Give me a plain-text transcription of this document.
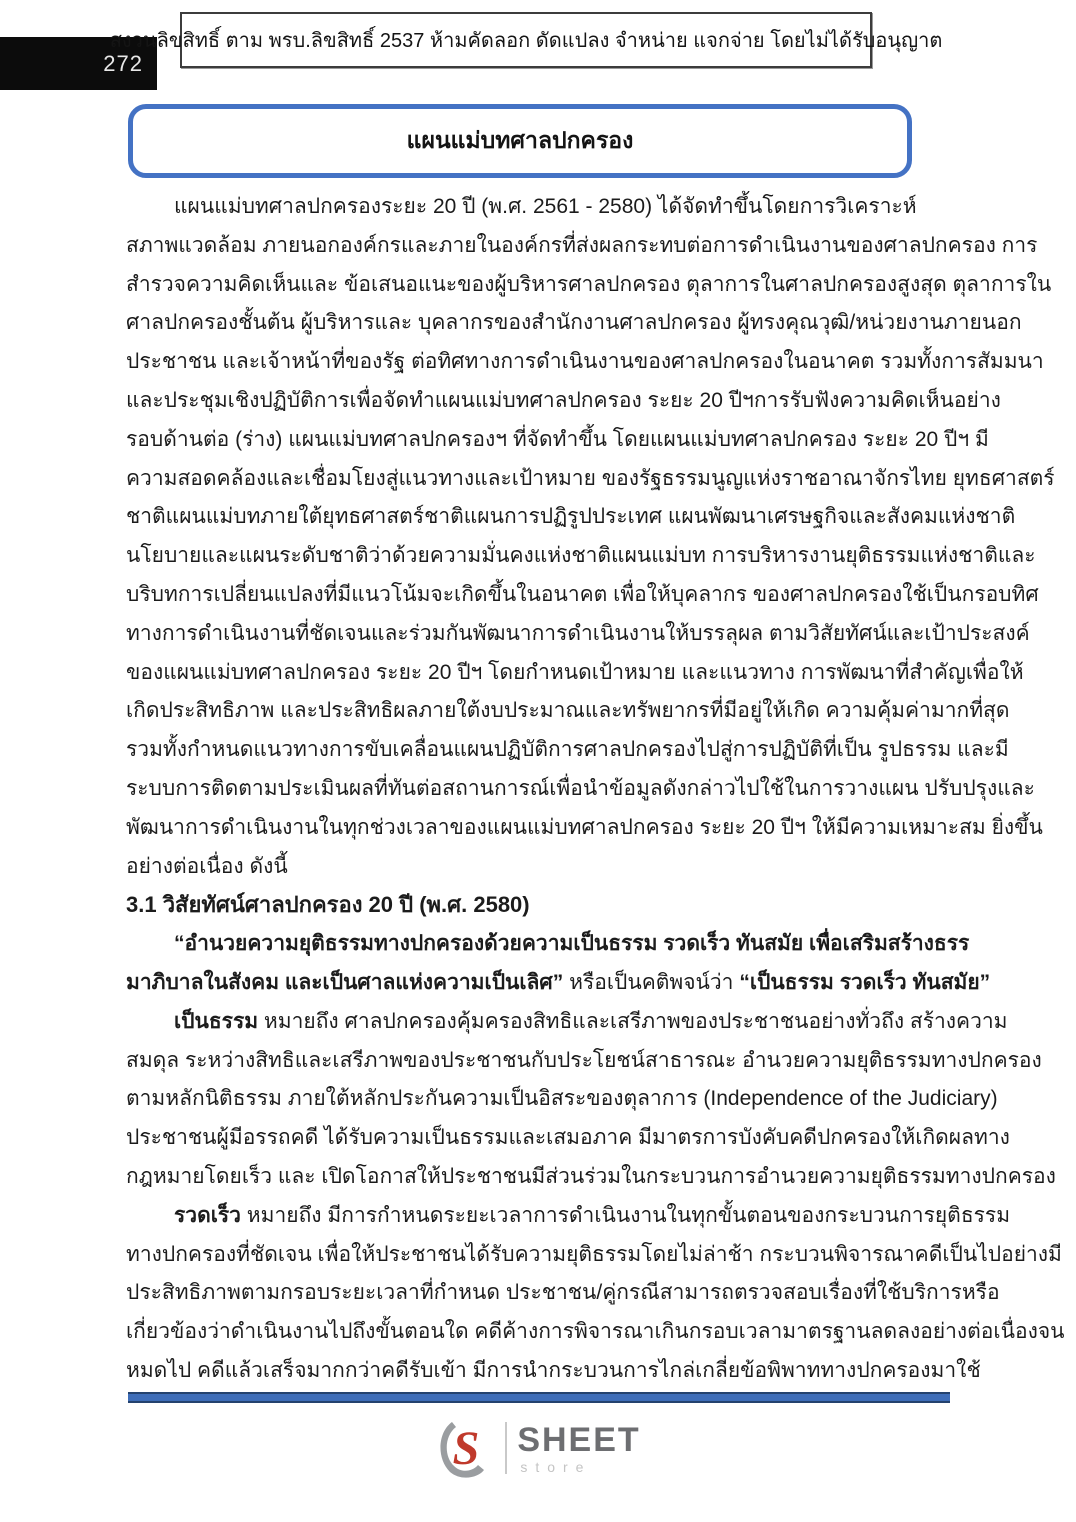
272
สงวนลิขสิทธิ์ ตาม พรบ.ลิขสิทธิ์ 2537 ห้ามคัดลอก ดัดแปลง จำหน่าย แจกจ่าย โดยไม่ได้รับอนุญาต
แผนแม่บทศาลปกครอง
แผนแม่บทศาลปกครองระยะ 20 ปี (พ.ศ. 2561 - 2580) ได้จัดทำขึ้นโดยการวิเคราะห์
สภาพแวดล้อม ภายนอกองค์กรและภายในองค์กรที่ส่งผลกระทบต่อการดำเนินงานของศาลปกครอง การ
สำรวจความคิดเห็นและ ข้อเสนอแนะของผู้บริหารศาลปกครอง ตุลาการในศาลปกครองสูงสุด ตุลาการใน
ศาลปกครองชั้นต้น ผู้บริหารและ บุคลากรของสำนักงานศาลปกครอง ผู้ทรงคุณวุฒิ/หน่วยงานภายนอก
ประชาชน และเจ้าหน้าที่ของรัฐ ต่อทิศทางการดำเนินงานของศาลปกครองในอนาคต รวมทั้งการสัมมนา
และประชุมเชิงปฏิบัติการเพื่อจัดทำแผนแม่บทศาลปกครอง ระยะ 20 ปีฯการรับฟังความคิดเห็นอย่าง
รอบด้านต่อ (ร่าง) แผนแม่บทศาลปกครองฯ ที่จัดทำขึ้น โดยแผนแม่บทศาลปกครอง ระยะ 20 ปีฯ มี
ความสอดคล้องและเชื่อมโยงสู่แนวทางและเป้าหมาย ของรัฐธรรมนูญแห่งราชอาณาจักรไทย ยุทธศาสตร์
ชาติแผนแม่บทภายใต้ยุทธศาสตร์ชาติแผนการปฏิรูปประเทศ แผนพัฒนาเศรษฐกิจและสังคมแห่งชาติ
นโยบายและแผนระดับชาติว่าด้วยความมั่นคงแห่งชาติแผนแม่บท การบริหารงานยุติธรรมแห่งชาติและ
บริบทการเปลี่ยนแปลงที่มีแนวโน้มจะเกิดขึ้นในอนาคต เพื่อให้บุคลากร ของศาลปกครองใช้เป็นกรอบทิศ
ทางการดำเนินงานที่ชัดเจนและร่วมกันพัฒนาการดำเนินงานให้บรรลุผล ตามวิสัยทัศน์และเป้าประสงค์
ของแผนแม่บทศาลปกครอง ระยะ 20 ปีฯ โดยกำหนดเป้าหมาย และแนวทาง การพัฒนาที่สำคัญเพื่อให้
เกิดประสิทธิภาพ และประสิทธิผลภายใต้งบประมาณและทรัพยากรที่มีอยู่ให้เกิด ความคุ้มค่ามากที่สุด
รวมทั้งกำหนดแนวทางการขับเคลื่อนแผนปฏิบัติการศาลปกครองไปสู่การปฏิบัติที่เป็น รูปธรรม และมี
ระบบการติดตามประเมินผลที่ทันต่อสถานการณ์เพื่อนำข้อมูลดังกล่าวไปใช้ในการวางแผน ปรับปรุงและ
พัฒนาการดำเนินงานในทุกช่วงเวลาของแผนแม่บทศาลปกครอง ระยะ 20 ปีฯ ให้มีความเหมาะสม ยิ่งขึ้น
อย่างต่อเนื่อง ดังนี้
3.1 วิสัยทัศน์ศาลปกครอง 20 ปี (พ.ศ. 2580)
“อำนวยความยุติธรรมทางปกครองด้วยความเป็นธรรม รวดเร็ว ทันสมัย เพื่อเสริมสร้างธรร
มาภิบาลในสังคม และเป็นศาลแห่งความเป็นเลิศ” หรือเป็นคติพจน์ว่า “เป็นธรรม รวดเร็ว ทันสมัย”
เป็นธรรม หมายถึง ศาลปกครองคุ้มครองสิทธิและเสรีภาพของประชาชนอย่างทั่วถึง สร้างความ
สมดุล ระหว่างสิทธิและเสรีภาพของประชาชนกับประโยชน์สาธารณะ อำนวยความยุติธรรมทางปกครอง
ตามหลักนิติธรรม ภายใต้หลักประกันความเป็นอิสระของตุลาการ (Independence of the Judiciary)
ประชาชนผู้มีอรรถคดี ได้รับความเป็นธรรมและเสมอภาค มีมาตรการบังคับคดีปกครองให้เกิดผลทาง
กฎหมายโดยเร็ว และ เปิดโอกาสให้ประชาชนมีส่วนร่วมในกระบวนการอำนวยความยุติธรรมทางปกครอง
รวดเร็ว หมายถึง มีการกำหนดระยะเวลาการดำเนินงานในทุกขั้นตอนของกระบวนการยุติธรรม
ทางปกครองที่ชัดเจน เพื่อให้ประชาชนได้รับความยุติธรรมโดยไม่ล่าช้า กระบวนพิจารณาคดีเป็นไปอย่างมี
ประสิทธิภาพตามกรอบระยะเวลาที่กำหนด ประชาชน/คู่กรณีสามารถตรวจสอบเรื่องที่ใช้บริการหรือ
เกี่ยวข้องว่าดำเนินงานไปถึงขั้นตอนใด คดีค้างการพิจารณาเกินกรอบเวลามาตรฐานลดลงอย่างต่อเนื่องจน
หมดไป คดีแล้วเสร็จมากกว่าคดีรับเข้า มีการนำกระบวนการไกล่เกลี่ยข้อพิพาททางปกครองมาใช้
S SHEET
store
